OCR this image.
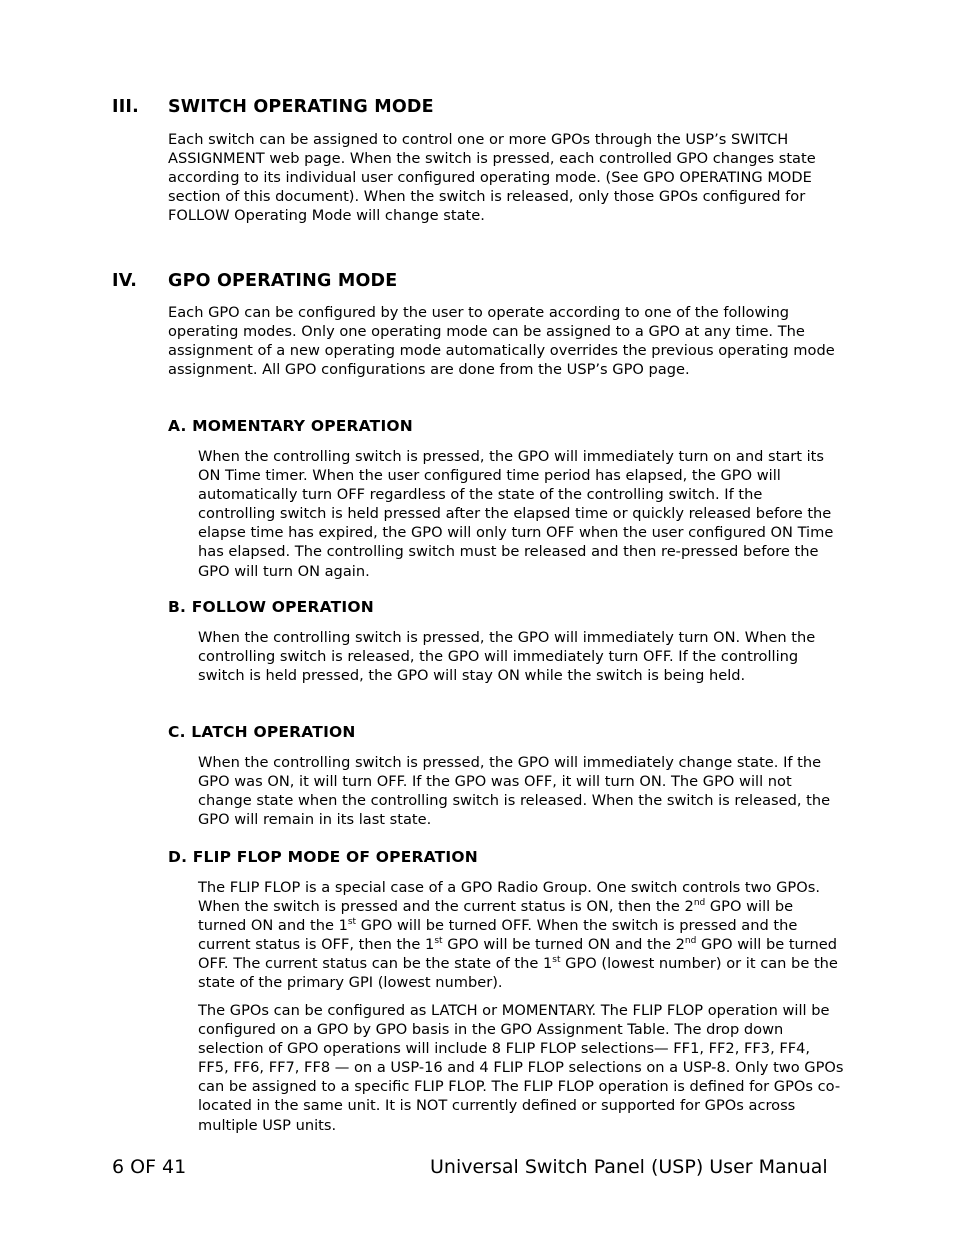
III. SWITCH OPERATING MODE
Each switch can be assigned to control one or more GPOs through the USP’s SWITCH ASSIGNMENT web page. When the switch is pressed, each controlled GPO changes state according to its individual user configured operating mode. (See GPO OPERATING MODE section of this document). When the switch is released, only those GPOs configured for FOLLOW Operating Mode will change state.
IV. GPO OPERATING MODE
Each GPO can be configured by the user to operate according to one of the following operating modes. Only one operating mode can be assigned to a GPO at any time. The assignment of a new operating mode automatically overrides the previous operating mode assignment. All GPO configurations are done from the USP’s GPO page.
A. MOMENTARY OPERATION
When the controlling switch is pressed, the GPO will immediately turn on and start its ON Time timer. When the user configured time period has elapsed, the GPO will automatically turn OFF regardless of the state of the controlling switch. If the controlling switch is held pressed after the elapsed time or quickly released before the elapse time has expired, the GPO will only turn OFF when the user configured ON Time has elapsed. The controlling switch must be released and then re-pressed before the GPO will turn ON again.
B. FOLLOW OPERATION
When the controlling switch is pressed, the GPO will immediately turn ON. When the controlling switch is released, the GPO will immediately turn OFF. If the controlling switch is held pressed, the GPO will stay ON while the switch is being held.
C. LATCH OPERATION
When the controlling switch is pressed, the GPO will immediately change state. If the GPO was ON, it will turn OFF. If the GPO was OFF, it will turn ON. The GPO will not change state when the controlling switch is released. When the switch is released, the GPO will remain in its last state.
D. FLIP FLOP MODE OF OPERATION
The FLIP FLOP is a special case of a GPO Radio Group. One switch controls two GPOs. When the switch is pressed and the current status is ON, then the 2nd GPO will be turned ON and the 1st GPO will be turned OFF. When the switch is pressed and the current status is OFF, then the 1st GPO will be turned ON and the 2nd GPO will be turned OFF. The current status can be the state of the 1st GPO (lowest number) or it can be the state of the primary GPI (lowest number).
The GPOs can be configured as LATCH or MOMENTARY. The FLIP FLOP operation will be configured on a GPO by GPO basis in the GPO Assignment Table. The drop down selection of GPO operations will include 8 FLIP FLOP selections— FF1, FF2, FF3, FF4, FF5, FF6, FF7, FF8 — on a USP-16 and 4 FLIP FLOP selections on a USP-8. Only two GPOs can be assigned to a specific FLIP FLOP. The FLIP FLOP operation is defined for GPOs co-located in the same unit. It is NOT currently defined or supported for GPOs across multiple USP units.
6 OF 41	Universal Switch Panel (USP) User Manual
